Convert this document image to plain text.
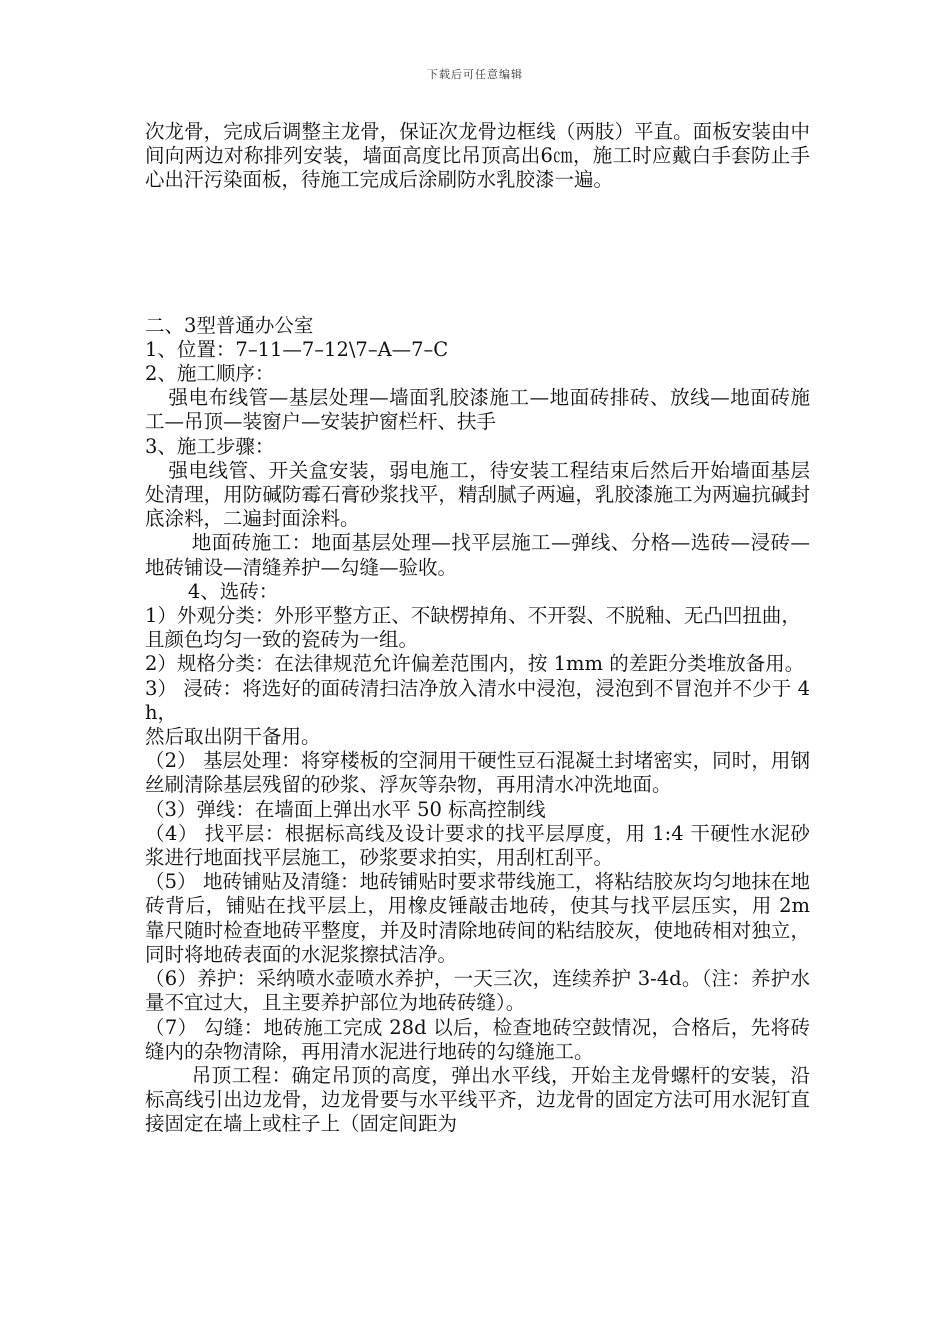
下载后可任意编辑

次龙骨，完成后调整主龙骨，保证次龙骨边框线（两肢）平直。面板安装由中间向两边对称排列安装，墙面高度比吊顶高出6㎝，施工时应戴白手套防止手心出汗污染面板，待施工完成后涂刷防水乳胶漆一遍。

二、3型普通办公室

1、位置：7–11—7–12\7–A—7–C

2、施工顺序：

强电布线管—基层处理—墙面乳胶漆施工—地面砖排砖、放线—地面砖施工—吊顶—装窗户—安装护窗栏杆、扶手

3、施工步骤：

强电线管、开关盒安装，弱电施工，待安装工程结束后然后开始墙面基层处清理，用防碱防霉石膏砂浆找平，精刮腻子两遍，乳胶漆施工为两遍抗碱封底涂料，二遍封面涂料。

地面砖施工：地面基层处理—找平层施工—弹线、分格—选砖—浸砖—地砖铺设—清缝养护—勾缝—验收。

4、选砖：

1）外观分类：外形平整方正、不缺楞掉角、不开裂、不脱釉、无凸凹扭曲，

且颜色均匀一致的瓷砖为一组。

2）规格分类：在法律规范允许偏差范围内，按 1mm 的差距分类堆放备用。

3） 浸砖：将选好的面砖清扫洁净放入清水中浸泡，浸泡到不冒泡并不少于 4h，

然后取出阴干备用。

（2） 基层处理：将穿楼板的空洞用干硬性豆石混凝土封堵密实，同时，用钢丝刷清除基层残留的砂浆、浮灰等杂物，再用清水冲洗地面。

（3）弹线：在墙面上弹出水平 50 标高控制线

（4） 找平层：根据标高线及设计要求的找平层厚度，用 1:4 干硬性水泥砂浆进行地面找平层施工，砂浆要求拍实，用刮杠刮平。

（5） 地砖铺贴及清缝：地砖铺贴时要求带线施工，将粘结胶灰均匀地抹在地砖背后，铺贴在找平层上，用橡皮锤敲击地砖，使其与找平层压实，用 2m 靠尺随时检查地砖平整度，并及时清除地砖间的粘结胶灰，使地砖相对独立，同时将地砖表面的水泥浆擦拭洁净。

（6）养护：采纳喷水壶喷水养护，一天三次，连续养护 3-4d。（注：养护水量不宜过大，且主要养护部位为地砖砖缝）。

（7） 勾缝：地砖施工完成 28d 以后，检查地砖空鼓情况，合格后，先将砖缝内的杂物清除，再用清水泥进行地砖的勾缝施工。

吊顶工程：确定吊顶的高度，弹出水平线，开始主龙骨螺杆的安装，沿标高线引出边龙骨，边龙骨要与水平线平齐，边龙骨的固定方法可用水泥钉直接固定在墙上或柱子上（固定间距为
